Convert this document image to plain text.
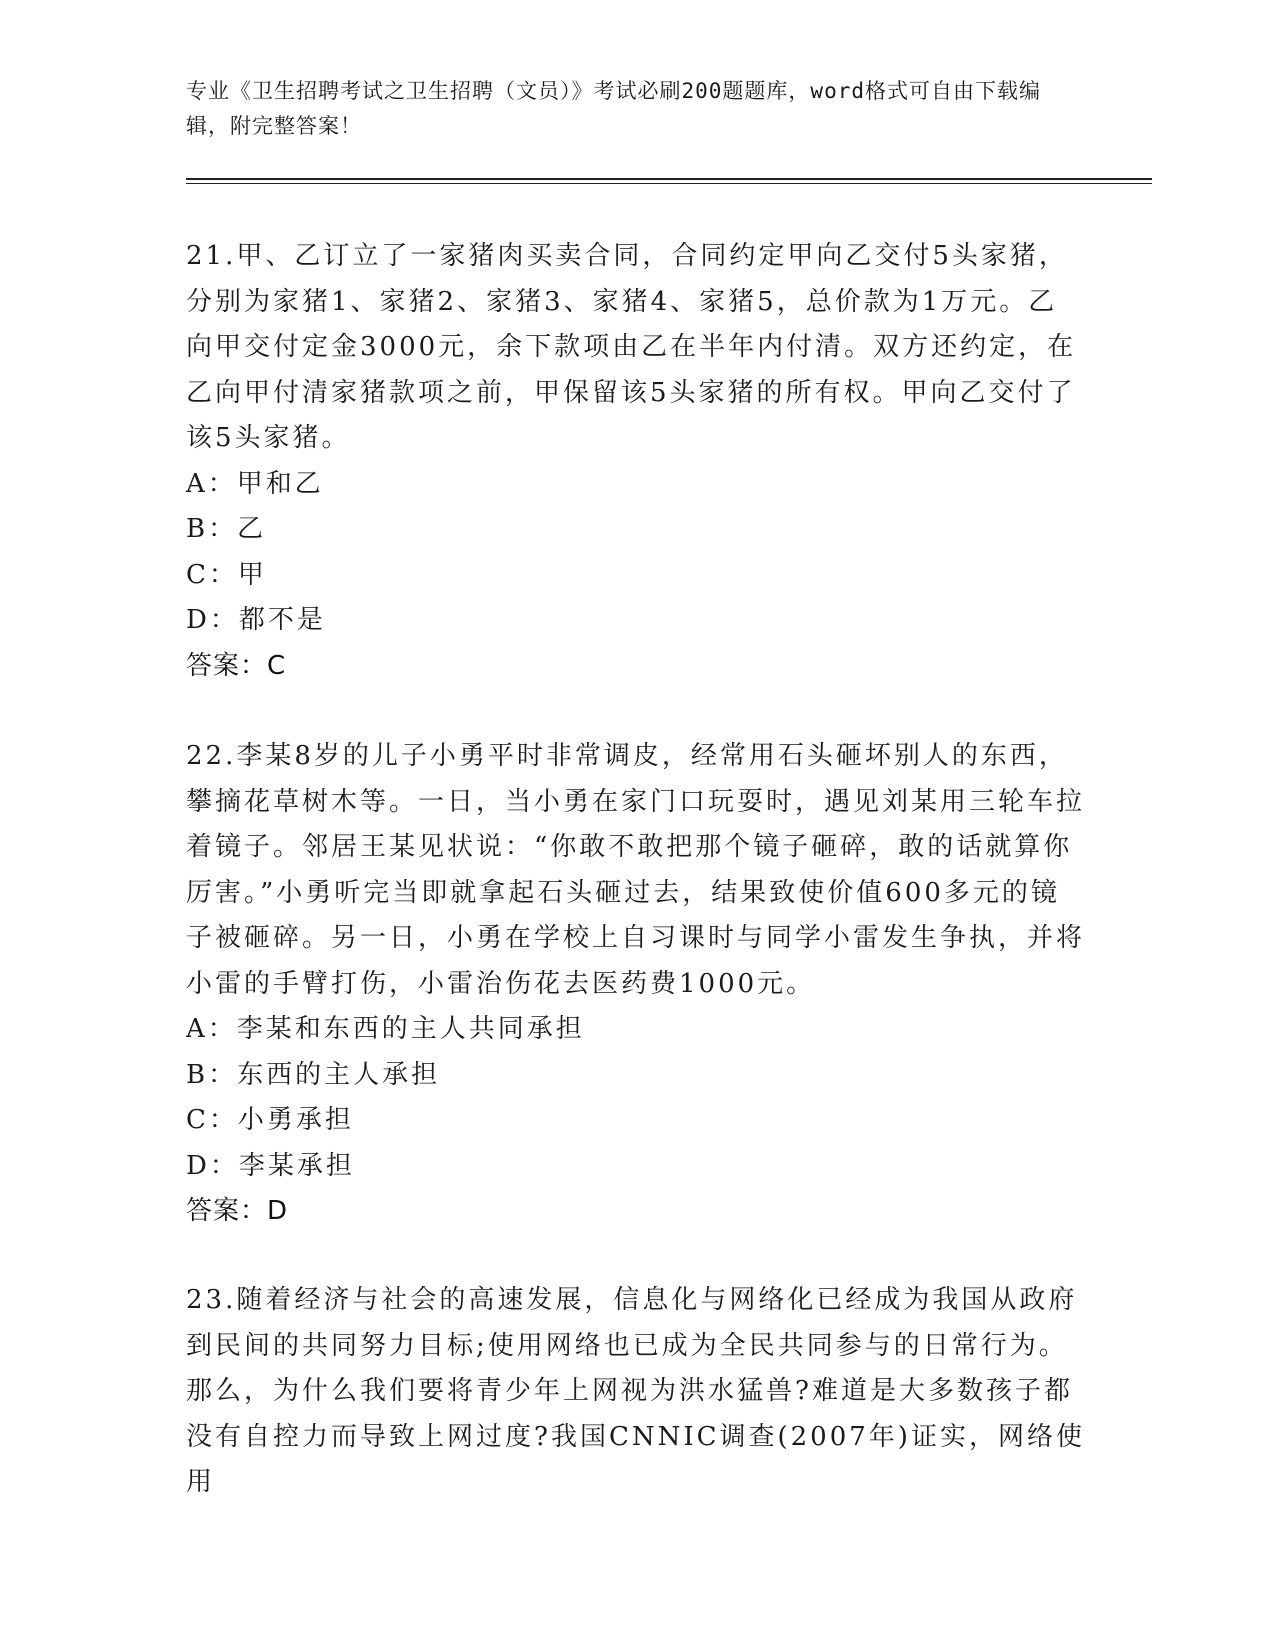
专业《卫生招聘考试之卫生招聘（文员）》考试必刷200题题库，word格式可自由下载编辑，附完整答案！

21.甲、乙订立了一家猪肉买卖合同，合同约定甲向乙交付5头家猪，分别为家猪1、家猪2、家猪3、家猪4、家猪5，总价款为1万元。乙向甲交付定金3000元，余下款项由乙在半年内付清。双方还约定，在乙向甲付清家猪款项之前，甲保留该5头家猪的所有权。甲向乙交付了该5头家猪。

A：甲和乙

B：乙

C：甲

D：都不是

答案：C

22.李某8岁的儿子小勇平时非常调皮，经常用石头砸坏别人的东西，攀摘花草树木等。一日，当小勇在家门口玩耍时，遇见刘某用三轮车拉着镜子。邻居王某见状说：“你敢不敢把那个镜子砸碎，敢的话就算你厉害。”小勇听完当即就拿起石头砸过去，结果致使价值600多元的镜子被砸碎。另一日，小勇在学校上自习课时与同学小雷发生争执，并将小雷的手臂打伤，小雷治伤花去医药费1000元。

A：李某和东西的主人共同承担

B：东西的主人承担

C：小勇承担

D：李某承担

答案：D

23.随着经济与社会的高速发展，信息化与网络化已经成为我国从政府到民间的共同努力目标;使用网络也已成为全民共同参与的日常行为。那么，为什么我们要将青少年上网视为洪水猛兽?难道是大多数孩子都没有自控力而导致上网过度?我国CNNIC调查(2007年)证实，网络使用
